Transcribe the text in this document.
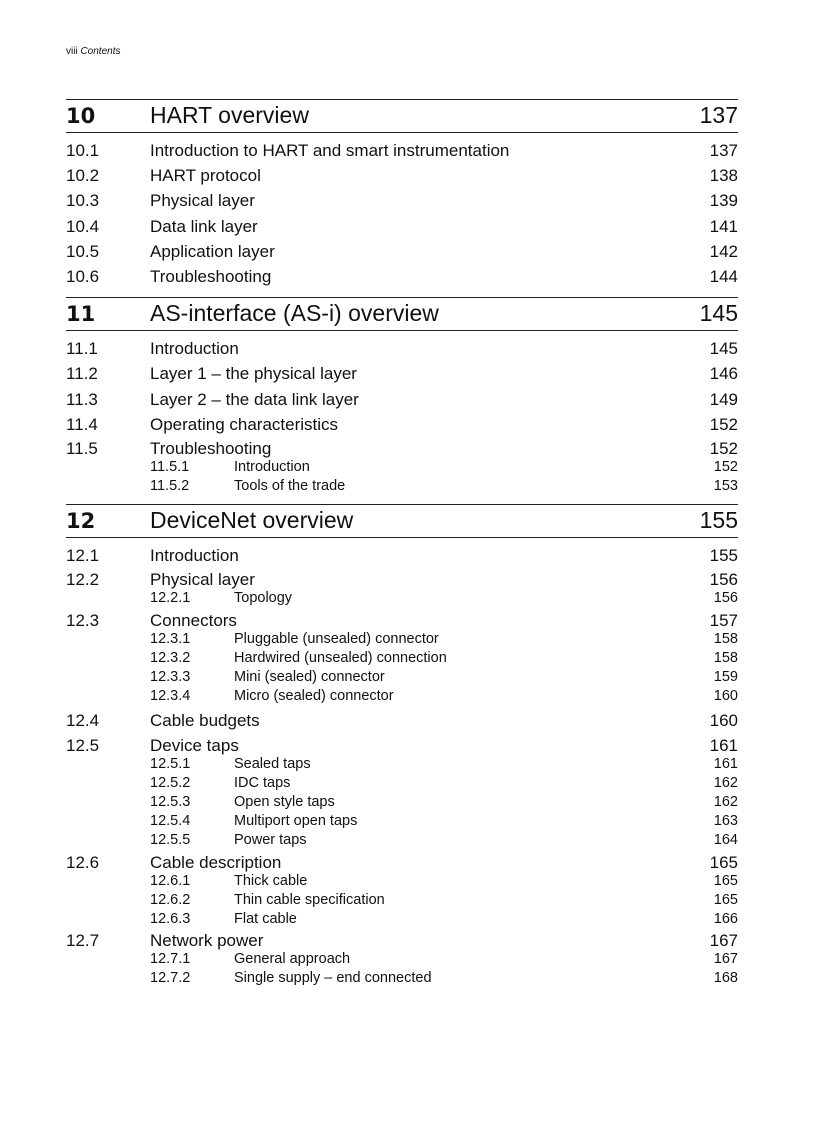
viii Contents
10 HART overview	137
10.1	Introduction to HART and smart instrumentation	137
10.2	HART protocol	138
10.3	Physical layer	139
10.4	Data link layer	141
10.5	Application layer	142
10.6	Troubleshooting	144
11 AS-interface (AS-i) overview	145
11.1	Introduction	145
11.2	Layer 1 – the physical layer	146
11.3	Layer 2 – the data link layer	149
11.4	Operating characteristics	152
11.5	Troubleshooting	152
11.5.1	Introduction	152
11.5.2	Tools of the trade	153
12 DeviceNet overview	155
12.1	Introduction	155
12.2	Physical layer	156
12.2.1	Topology	156
12.3	Connectors	157
12.3.1	Pluggable (unsealed) connector	158
12.3.2	Hardwired (unsealed) connection	158
12.3.3	Mini (sealed) connector	159
12.3.4	Micro (sealed) connector	160
12.4	Cable budgets	160
12.5	Device taps	161
12.5.1	Sealed taps	161
12.5.2	IDC taps	162
12.5.3	Open style taps	162
12.5.4	Multiport open taps	163
12.5.5	Power taps	164
12.6	Cable description	165
12.6.1	Thick cable	165
12.6.2	Thin cable specification	165
12.6.3	Flat cable	166
12.7	Network power	167
12.7.1	General approach	167
12.7.2	Single supply – end connected	168
